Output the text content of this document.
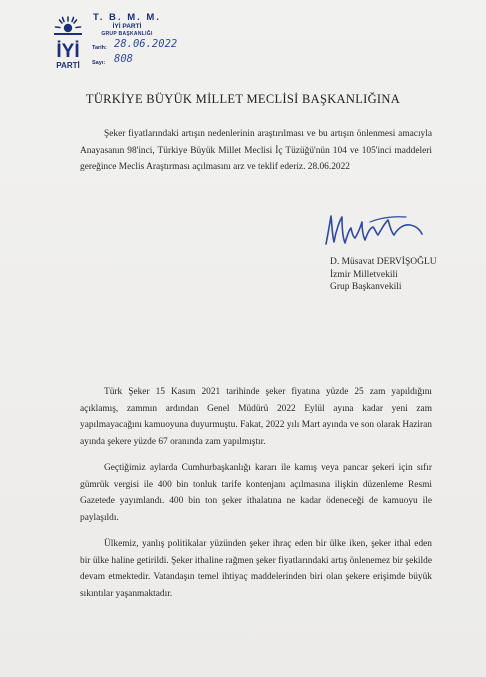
İYİ
PARTİ
T. B. M. M.
İYİ PARTİ
GRUP BAŞKANLIĞI
Tarih: 28.06.2022
Sayı: 808
TÜRKİYE BÜYÜK MİLLET MECLİSİ BAŞKANLIĞINA
Şeker fiyatlarındaki artışın nedenlerinin araştırılması ve bu artışın önlenmesi amacıyla Anayasanın 98'inci, Türkiye Büyük Millet Meclisi İç Tüzüğü'nün 104 ve 105'inci maddeleri gereğince Meclis Araştırması açılmasını arz ve teklif ederiz. 28.06.2022
D. Müsavat DERVİŞOĞLU
İzmir Milletvekili
Grup Başkanvekili
Türk Şeker 15 Kasım 2021 tarihinde şeker fiyatına yüzde 25 zam yapıldığını açıklamış, zammın ardından Genel Müdürü 2022 Eylül ayına kadar yeni zam yapılmayacağını kamuoyuna duyurmuştu. Fakat, 2022 yılı Mart ayında ve son olarak Haziran ayında şekere yüzde 67 oranında zam yapılmıştır.
Geçtiğimiz aylarda Cumhurbaşkanlığı kararı ile kamış veya pancar şekeri için sıfır gümrük vergisi ile 400 bin tonluk tarife kontenjanı açılmasına ilişkin düzenleme Resmi Gazetede yayımlandı. 400 bin ton şeker ithalatına ne kadar ödeneceği de kamuoyu ile paylaşıldı.
Ülkemiz, yanlış politikalar yüzünden şeker ihraç eden bir ülke iken, şeker ithal eden bir ülke haline getirildi. Şeker ithaline rağmen şeker fiyatlarındaki artış önlenemez bir şekilde devam etmektedir. Vatandaşın temel ihtiyaç maddelerinden biri olan şekere erişimde büyük sıkıntılar yaşanmaktadır.
